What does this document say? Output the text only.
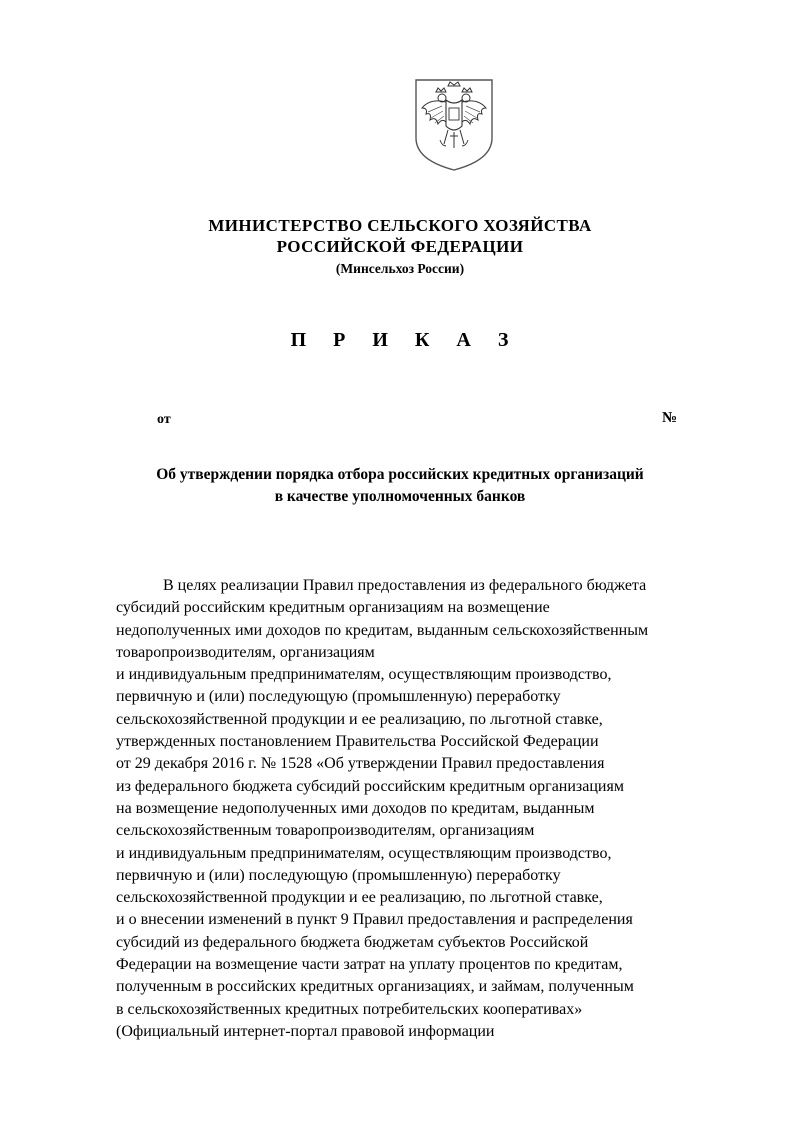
МИНИСТЕРСТВО СЕЛЬСКОГО ХОЗЯЙСТВА
РОССИЙСКОЙ ФЕДЕРАЦИИ
(Минсельхоз России)
П Р И К А З
от	№
Об утверждении порядка отбора российских кредитных организаций
в качестве уполномоченных банков
В целях реализации Правил предоставления из федерального бюджета
субсидий российским кредитным организациям на возмещение
недополученных ими доходов по кредитам, выданным сельскохозяйственным
товаропроизводителям, организациям
и индивидуальным предпринимателям, осуществляющим производство,
первичную и (или) последующую (промышленную) переработку
сельскохозяйственной продукции и ее реализацию, по льготной ставке,
утвержденных постановлением Правительства Российской Федерации
от 29 декабря 2016 г. № 1528 «Об утверждении Правил предоставления
из федерального бюджета субсидий российским кредитным организациям
на возмещение недополученных ими доходов по кредитам, выданным
сельскохозяйственным товаропроизводителям, организациям
и индивидуальным предпринимателям, осуществляющим производство,
первичную и (или) последующую (промышленную) переработку
сельскохозяйственной продукции и ее реализацию, по льготной ставке,
и о внесении изменений в пункт 9 Правил предоставления и распределения
субсидий из федерального бюджета бюджетам субъектов Российской
Федерации на возмещение части затрат на уплату процентов по кредитам,
полученным в российских кредитных организациях, и займам, полученным
в сельскохозяйственных кредитных потребительских кооперативах»
(Официальный интернет-портал правовой информации
